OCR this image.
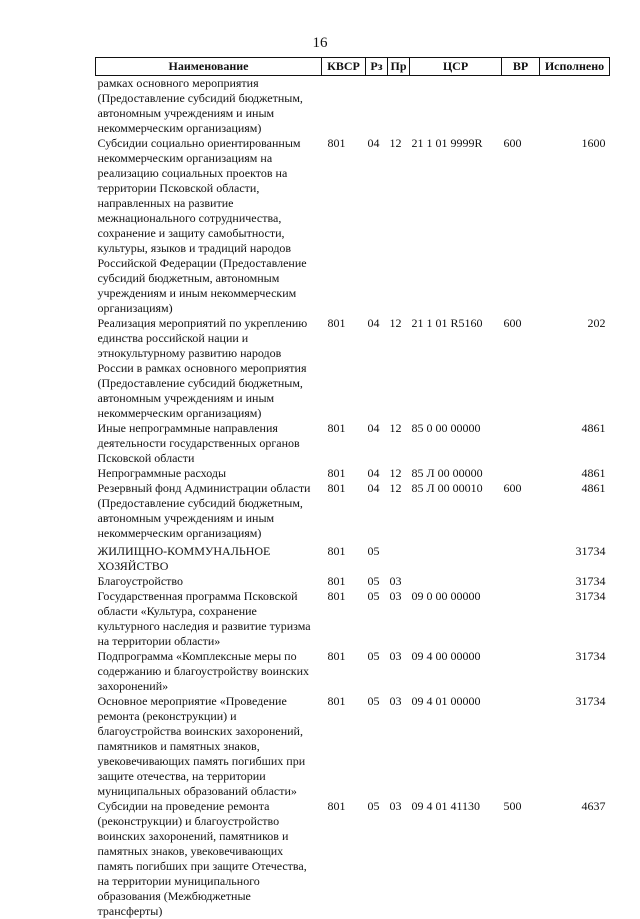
16
Наименование	КВСР	Рз	Пр	ЦСР	ВР	Исполнено
рамках основного мероприятия (Предоставление субсидий бюджетным, автономным учреждениям и иным некоммерческим организациям)						
Субсидии социально ориентированным некоммерческим организациям на реализацию социальных проектов на территории Псковской области, направленных на развитие межнационального сотрудничества, сохранение и защиту самобытности, культуры, языков и традиций народов Российской Федерации (Предоставление субсидий бюджетным, автономным учреждениям и иным некоммерческим организациям)	801	04	12	21 1 01 9999R	600	1600
Реализация мероприятий по укреплению единства российской нации и этнокультурному развитию народов России в рамках основного мероприятия (Предоставление субсидий бюджетным, автономным учреждениям и иным некоммерческим организациям)	801	04	12	21 1 01 R5160	600	202
Иные непрограммные направления деятельности государственных органов Псковской области	801	04	12	85 0 00 00000		4861
Непрограммные расходы	801	04	12	85 Л 00 00000		4861
Резервный фонд Администрации области (Предоставление субсидий бюджетным, автономным учреждениям и иным некоммерческим организациям)	801	04	12	85 Л 00 00010	600	4861
ЖИЛИЩНО-КОММУНАЛЬНОЕ ХОЗЯЙСТВО	801	05				31734
Благоустройство	801	05	03			31734
Государственная программа Псковской области «Культура, сохранение культурного наследия и развитие туризма на территории области»	801	05	03	09 0 00 00000		31734
Подпрограмма «Комплексные меры по содержанию и благоустройству воинских захоронений»	801	05	03	09 4 00 00000		31734
Основное мероприятие «Проведение ремонта (реконструкции) и благоустройства воинских захоронений, памятников и памятных знаков, увековечивающих память погибших при защите отечества, на территории муниципальных образований области»	801	05	03	09 4 01 00000		31734
Субсидии на проведение ремонта (реконструкции) и благоустройство воинских захоронений, памятников и памятных знаков, увековечивающих память погибших при защите Отечества, на территории муниципального образования (Межбюджетные трансферты)	801	05	03	09 4 01 41130	500	4637
